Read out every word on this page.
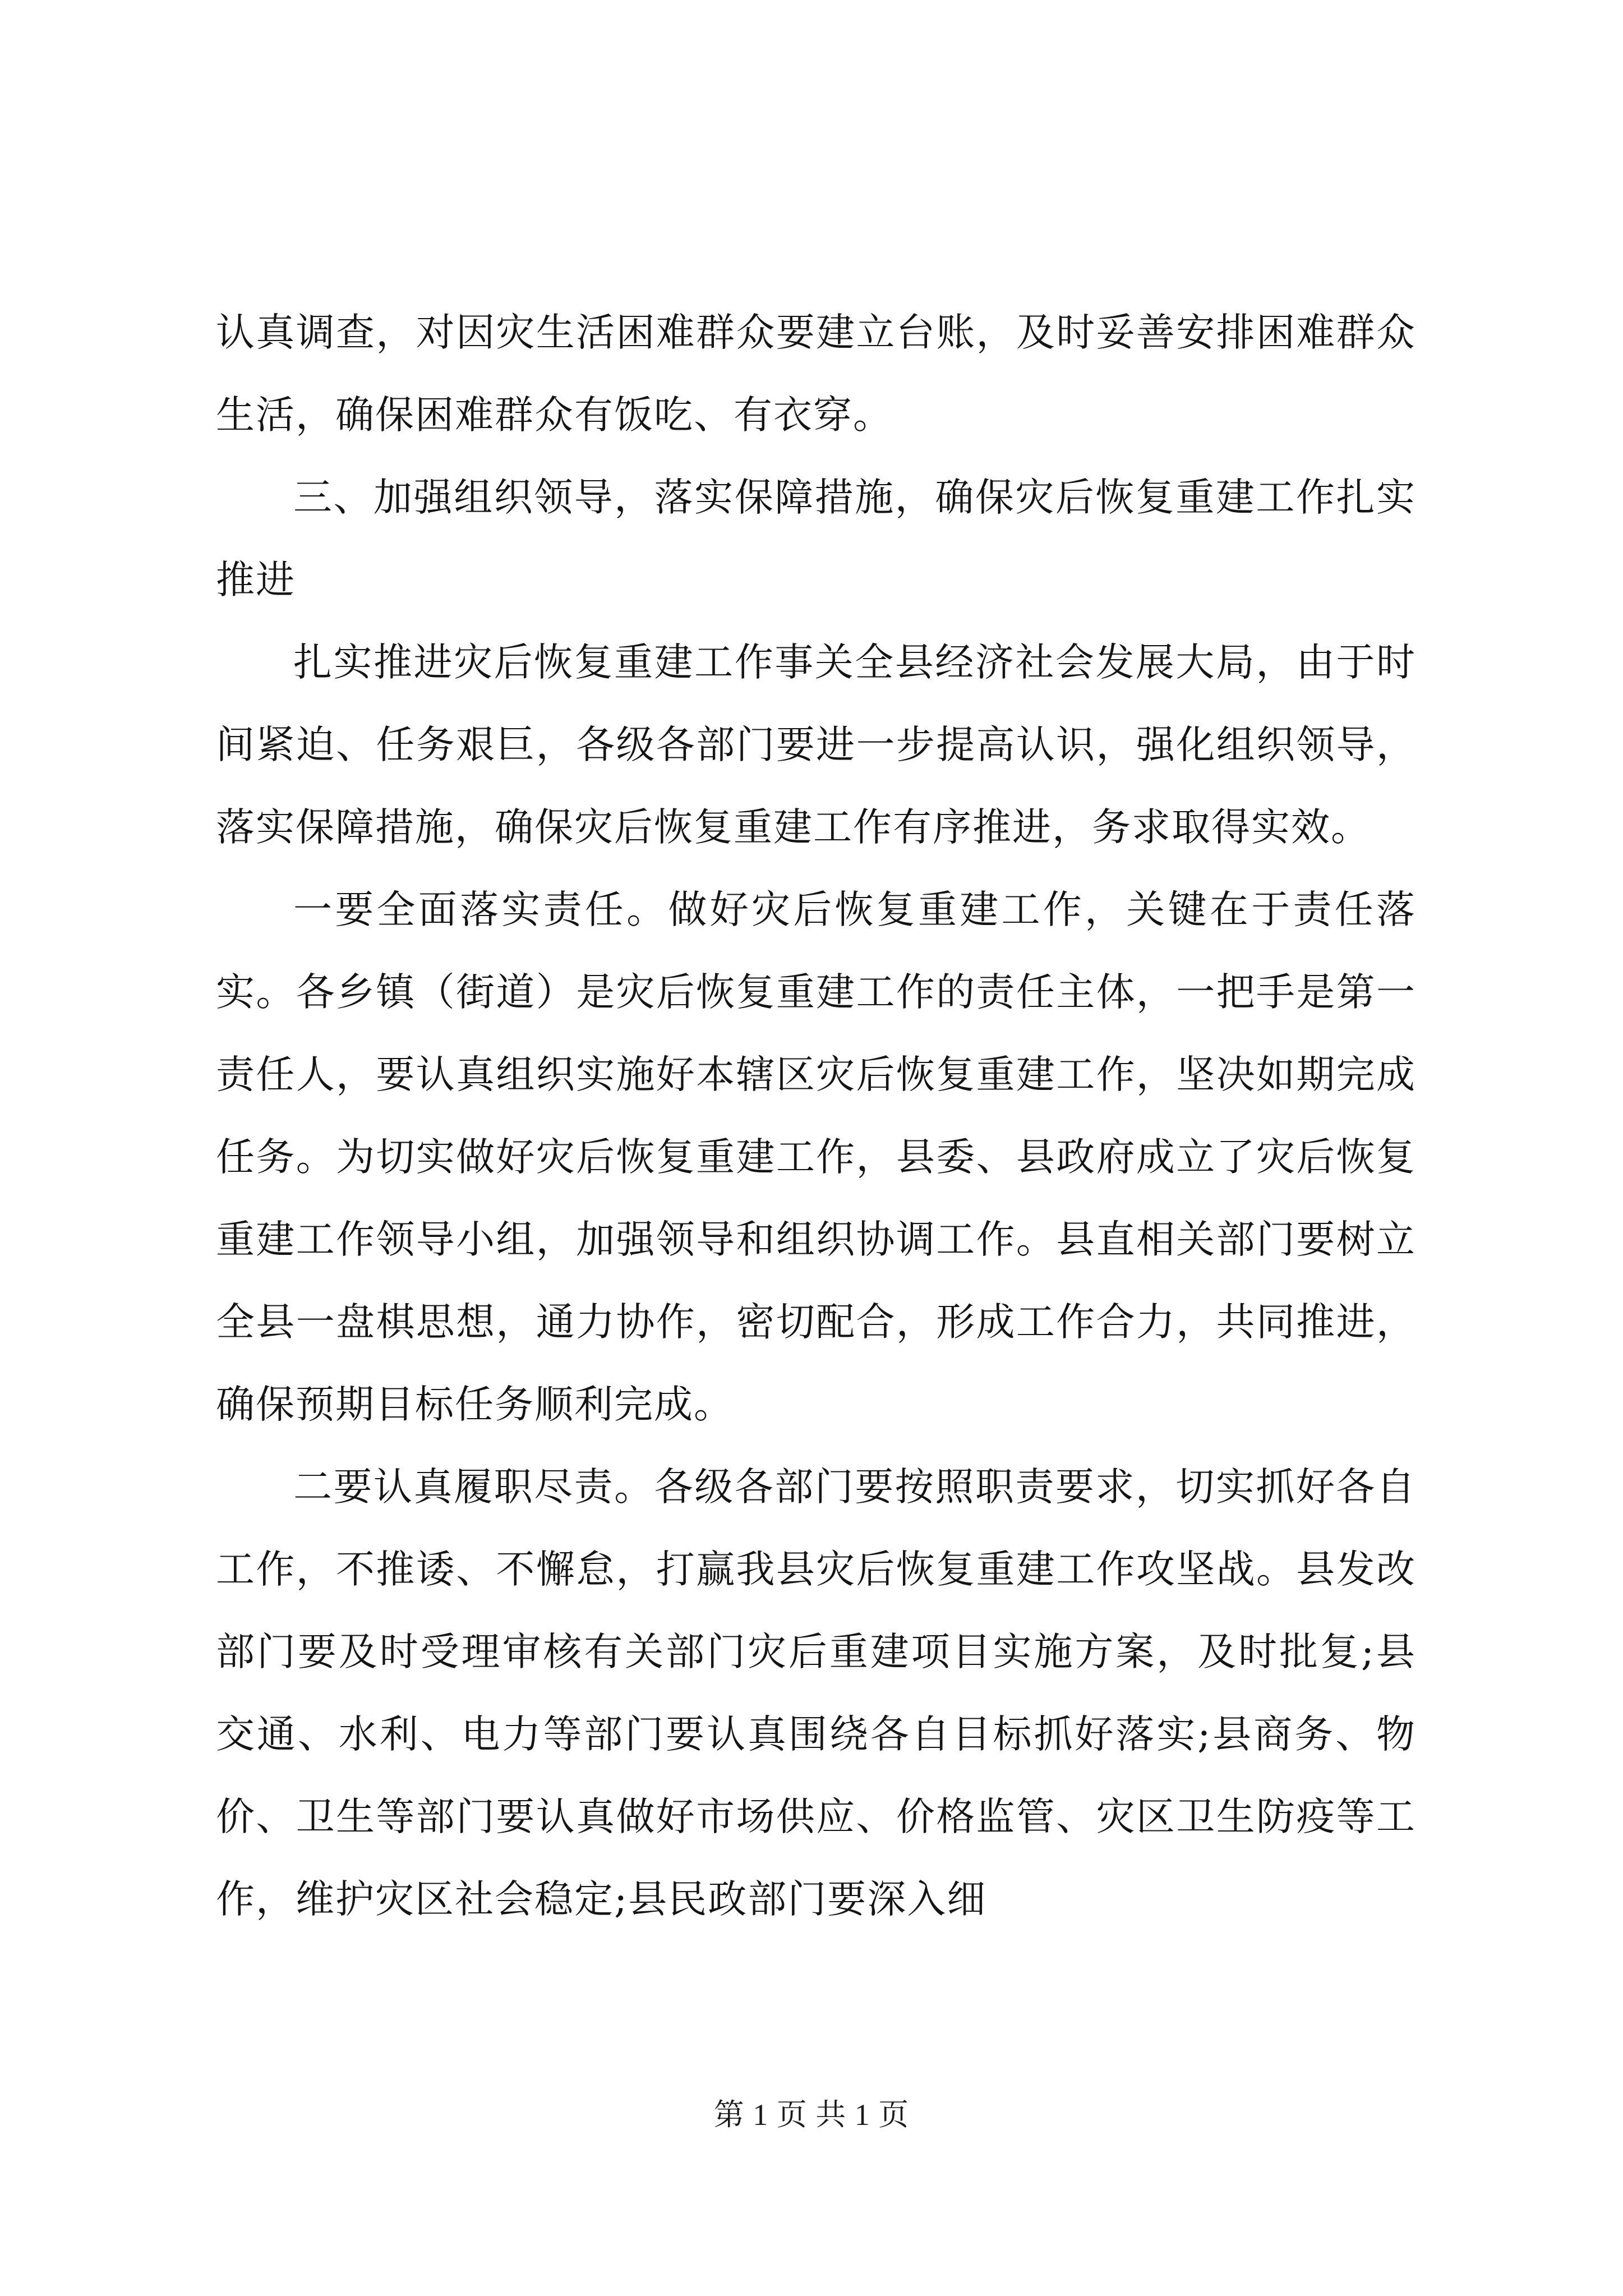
认真调查，对因灾生活困难群众要建立台账，及时妥善安排困难群众生活，确保困难群众有饭吃、有衣穿。

三、加强组织领导，落实保障措施，确保灾后恢复重建工作扎实推进

扎实推进灾后恢复重建工作事关全县经济社会发展大局，由于时间紧迫、任务艰巨，各级各部门要进一步提高认识，强化组织领导，落实保障措施，确保灾后恢复重建工作有序推进，务求取得实效。

一要全面落实责任。做好灾后恢复重建工作，关键在于责任落实。各乡镇（街道）是灾后恢复重建工作的责任主体，一把手是第一责任人，要认真组织实施好本辖区灾后恢复重建工作，坚决如期完成任务。为切实做好灾后恢复重建工作，县委、县政府成立了灾后恢复重建工作领导小组，加强领导和组织协调工作。县直相关部门要树立全县一盘棋思想，通力协作，密切配合，形成工作合力，共同推进，确保预期目标任务顺利完成。

二要认真履职尽责。各级各部门要按照职责要求，切实抓好各自工作，不推诿、不懈怠，打赢我县灾后恢复重建工作攻坚战。县发改部门要及时受理审核有关部门灾后重建项目实施方案，及时批复;县交通、水利、电力等部门要认真围绕各自目标抓好落实;县商务、物价、卫生等部门要认真做好市场供应、价格监管、灾区卫生防疫等工作，维护灾区社会稳定;县民政部门要深入细

第 1 页 共 1 页
